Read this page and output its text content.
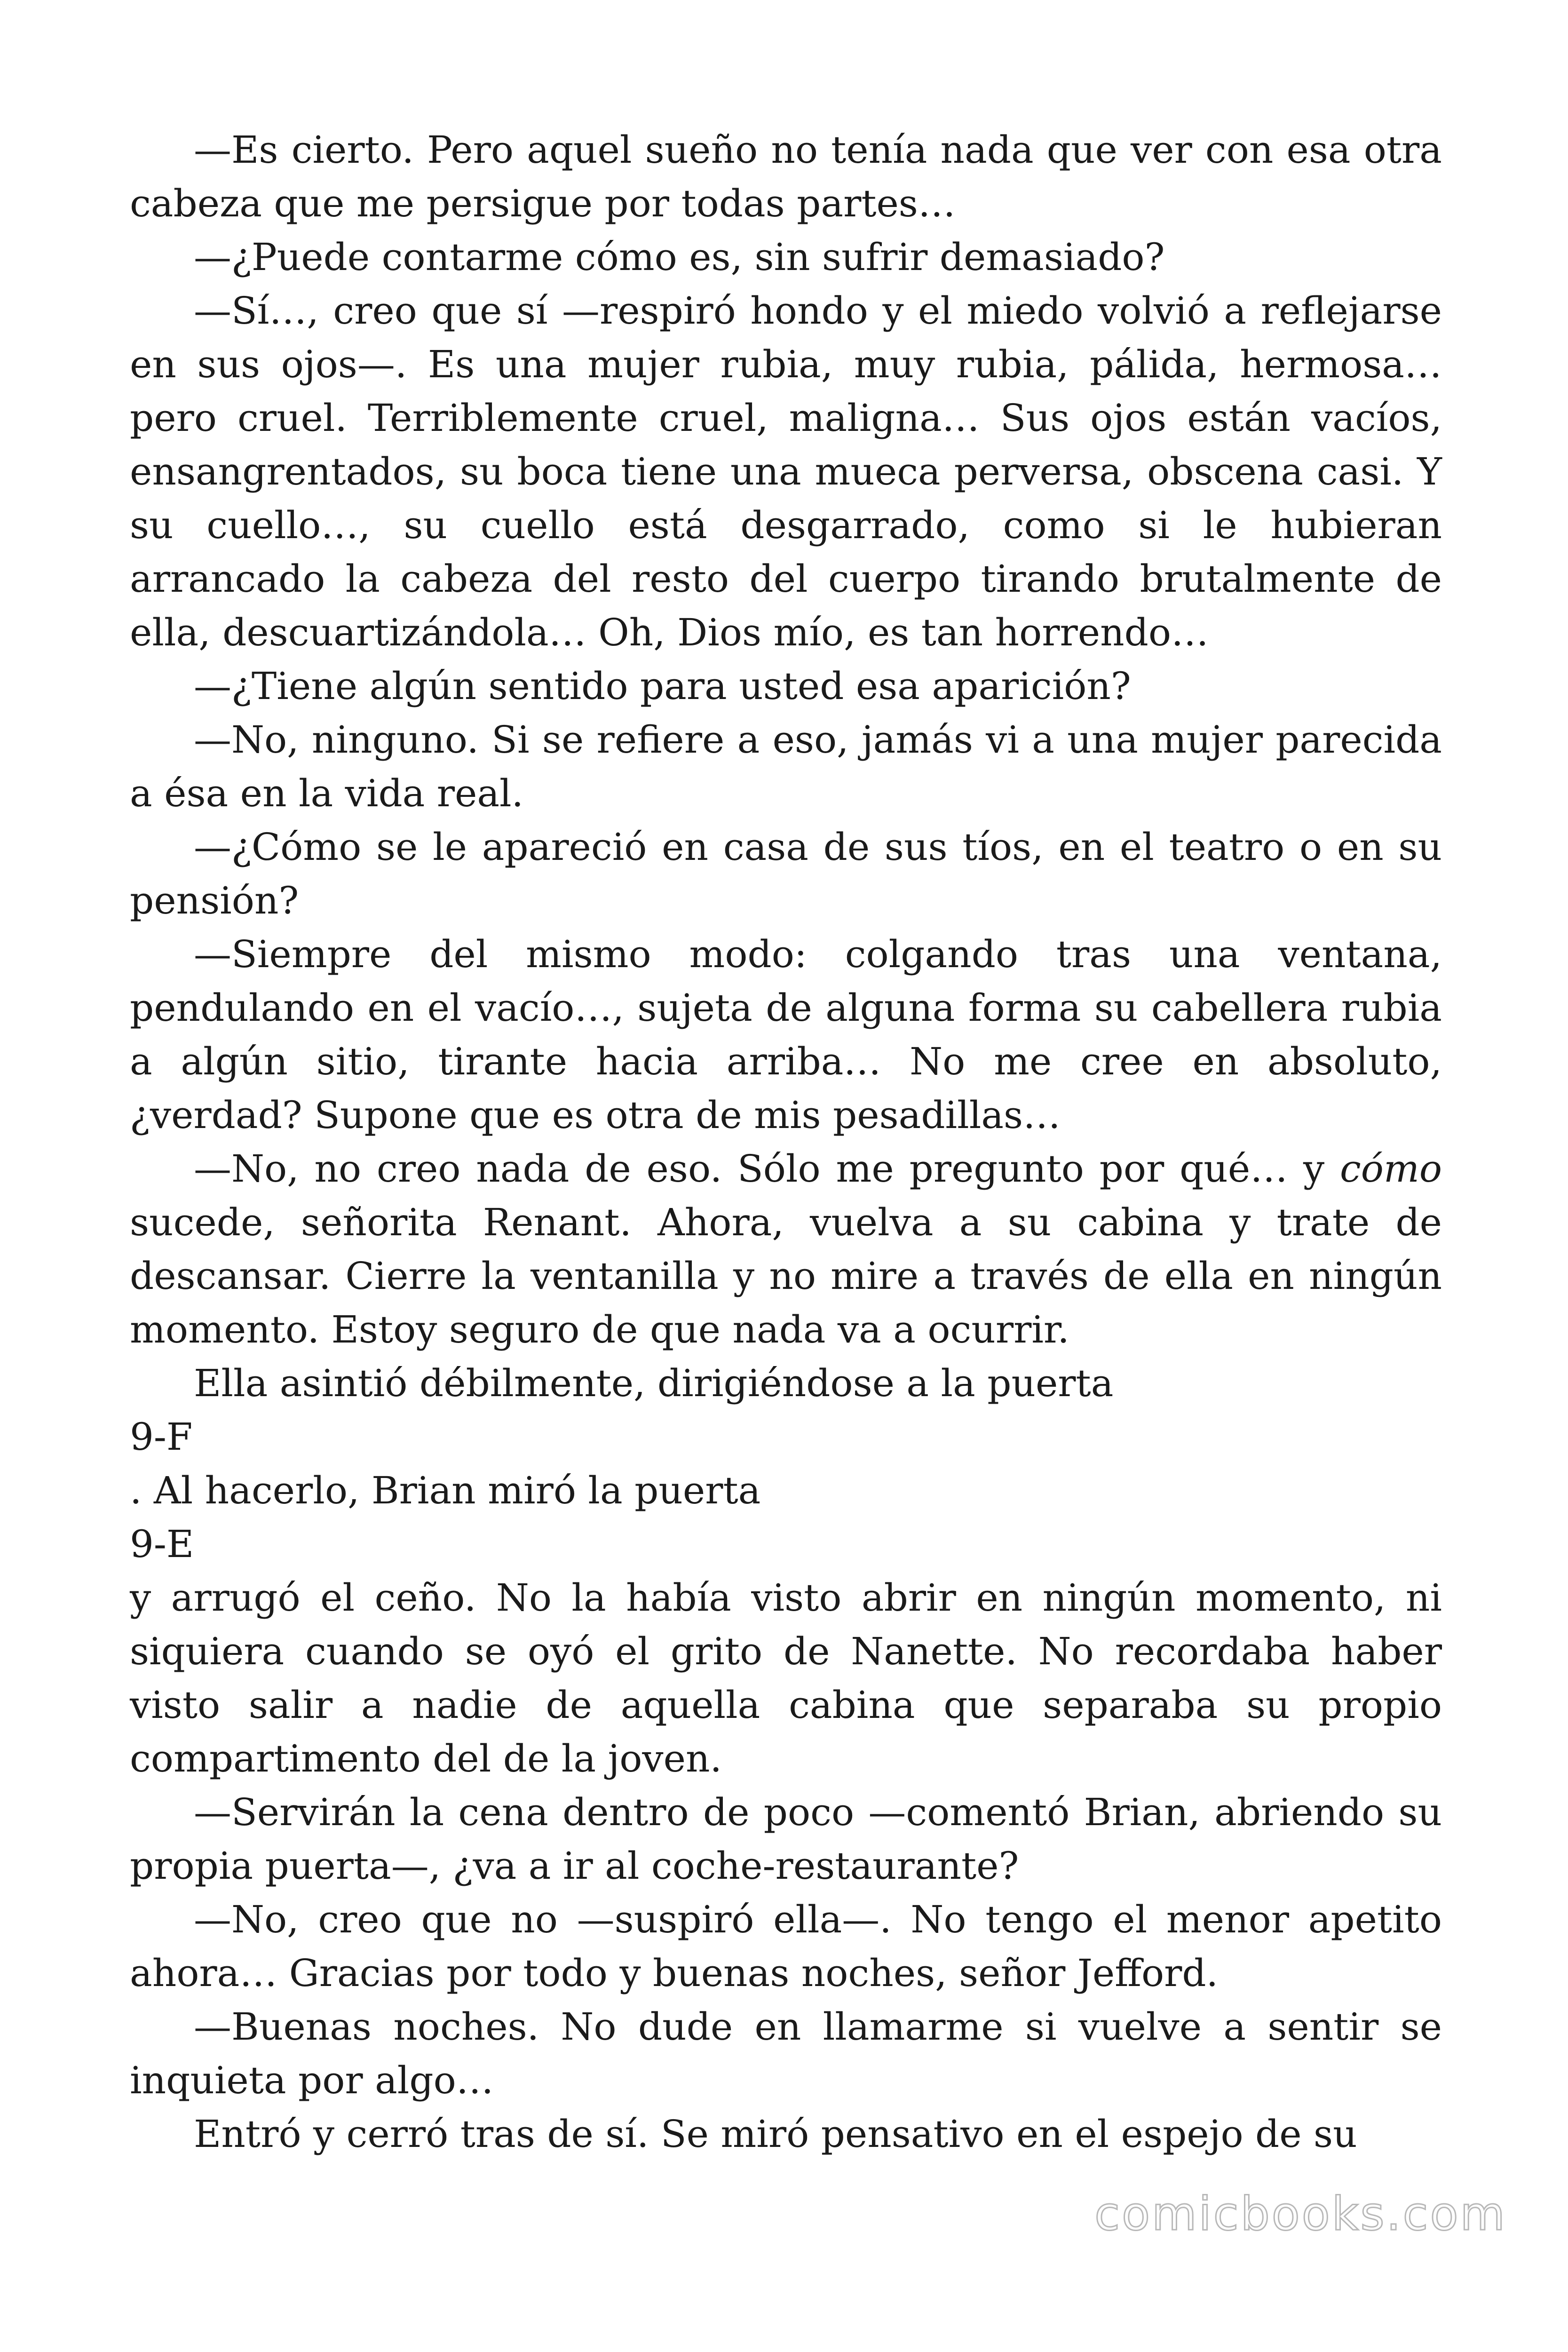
—Es cierto. Pero aquel sueño no tenía nada que ver con esa otra cabeza que me persigue por todas partes…

—¿Puede contarme cómo es, sin sufrir demasiado?

—Sí…, creo que sí —respiró hondo y el miedo volvió a reflejarse en sus ojos—. Es una mujer rubia, muy rubia, pálida, hermosa… pero cruel. Terriblemente cruel, maligna… Sus ojos están vacíos, ensangrentados, su boca tiene una mueca perversa, obscena casi. Y su cuello…, su cuello está desgarrado, como si le hubieran arrancado la cabeza del resto del cuerpo tirando brutalmente de ella, descuartizándola… Oh, Dios mío, es tan horrendo…

—¿Tiene algún sentido para usted esa aparición?

—No, ninguno. Si se refiere a eso, jamás vi a una mujer parecida a ésa en la vida real.

—¿Cómo se le apareció en casa de sus tíos, en el teatro o en su pensión?

—Siempre del mismo modo: colgando tras una ventana, pendulando en el vacío…, sujeta de alguna forma su cabellera rubia a algún sitio, tirante hacia arriba… No me cree en absoluto, ¿verdad? Supone que es otra de mis pesadillas…

—No, no creo nada de eso. Sólo me pregunto por qué… y cómo sucede, señorita Renant. Ahora, vuelva a su cabina y trate de descansar. Cierre la ventanilla y no mire a través de ella en ningún momento. Estoy seguro de que nada va a ocurrir.

Ella asintió débilmente, dirigiéndose a la puerta

9-F

. Al hacerlo, Brian miró la puerta

9-E

y arrugó el ceño. No la había visto abrir en ningún momento, ni siquiera cuando se oyó el grito de Nanette. No recordaba haber visto salir a nadie de aquella cabina que separaba su propio compartimento del de la joven.

—Servirán la cena dentro de poco —comentó Brian, abriendo su propia puerta—, ¿va a ir al coche-restaurante?

—No, creo que no —suspiró ella—. No tengo el menor apetito ahora… Gracias por todo y buenas noches, señor Jefford.

—Buenas noches. No dude en llamarme si vuelve a sentir se inquieta por algo…

Entró y cerró tras de sí. Se miró pensativo en el espejo de su

comicbooks.com
